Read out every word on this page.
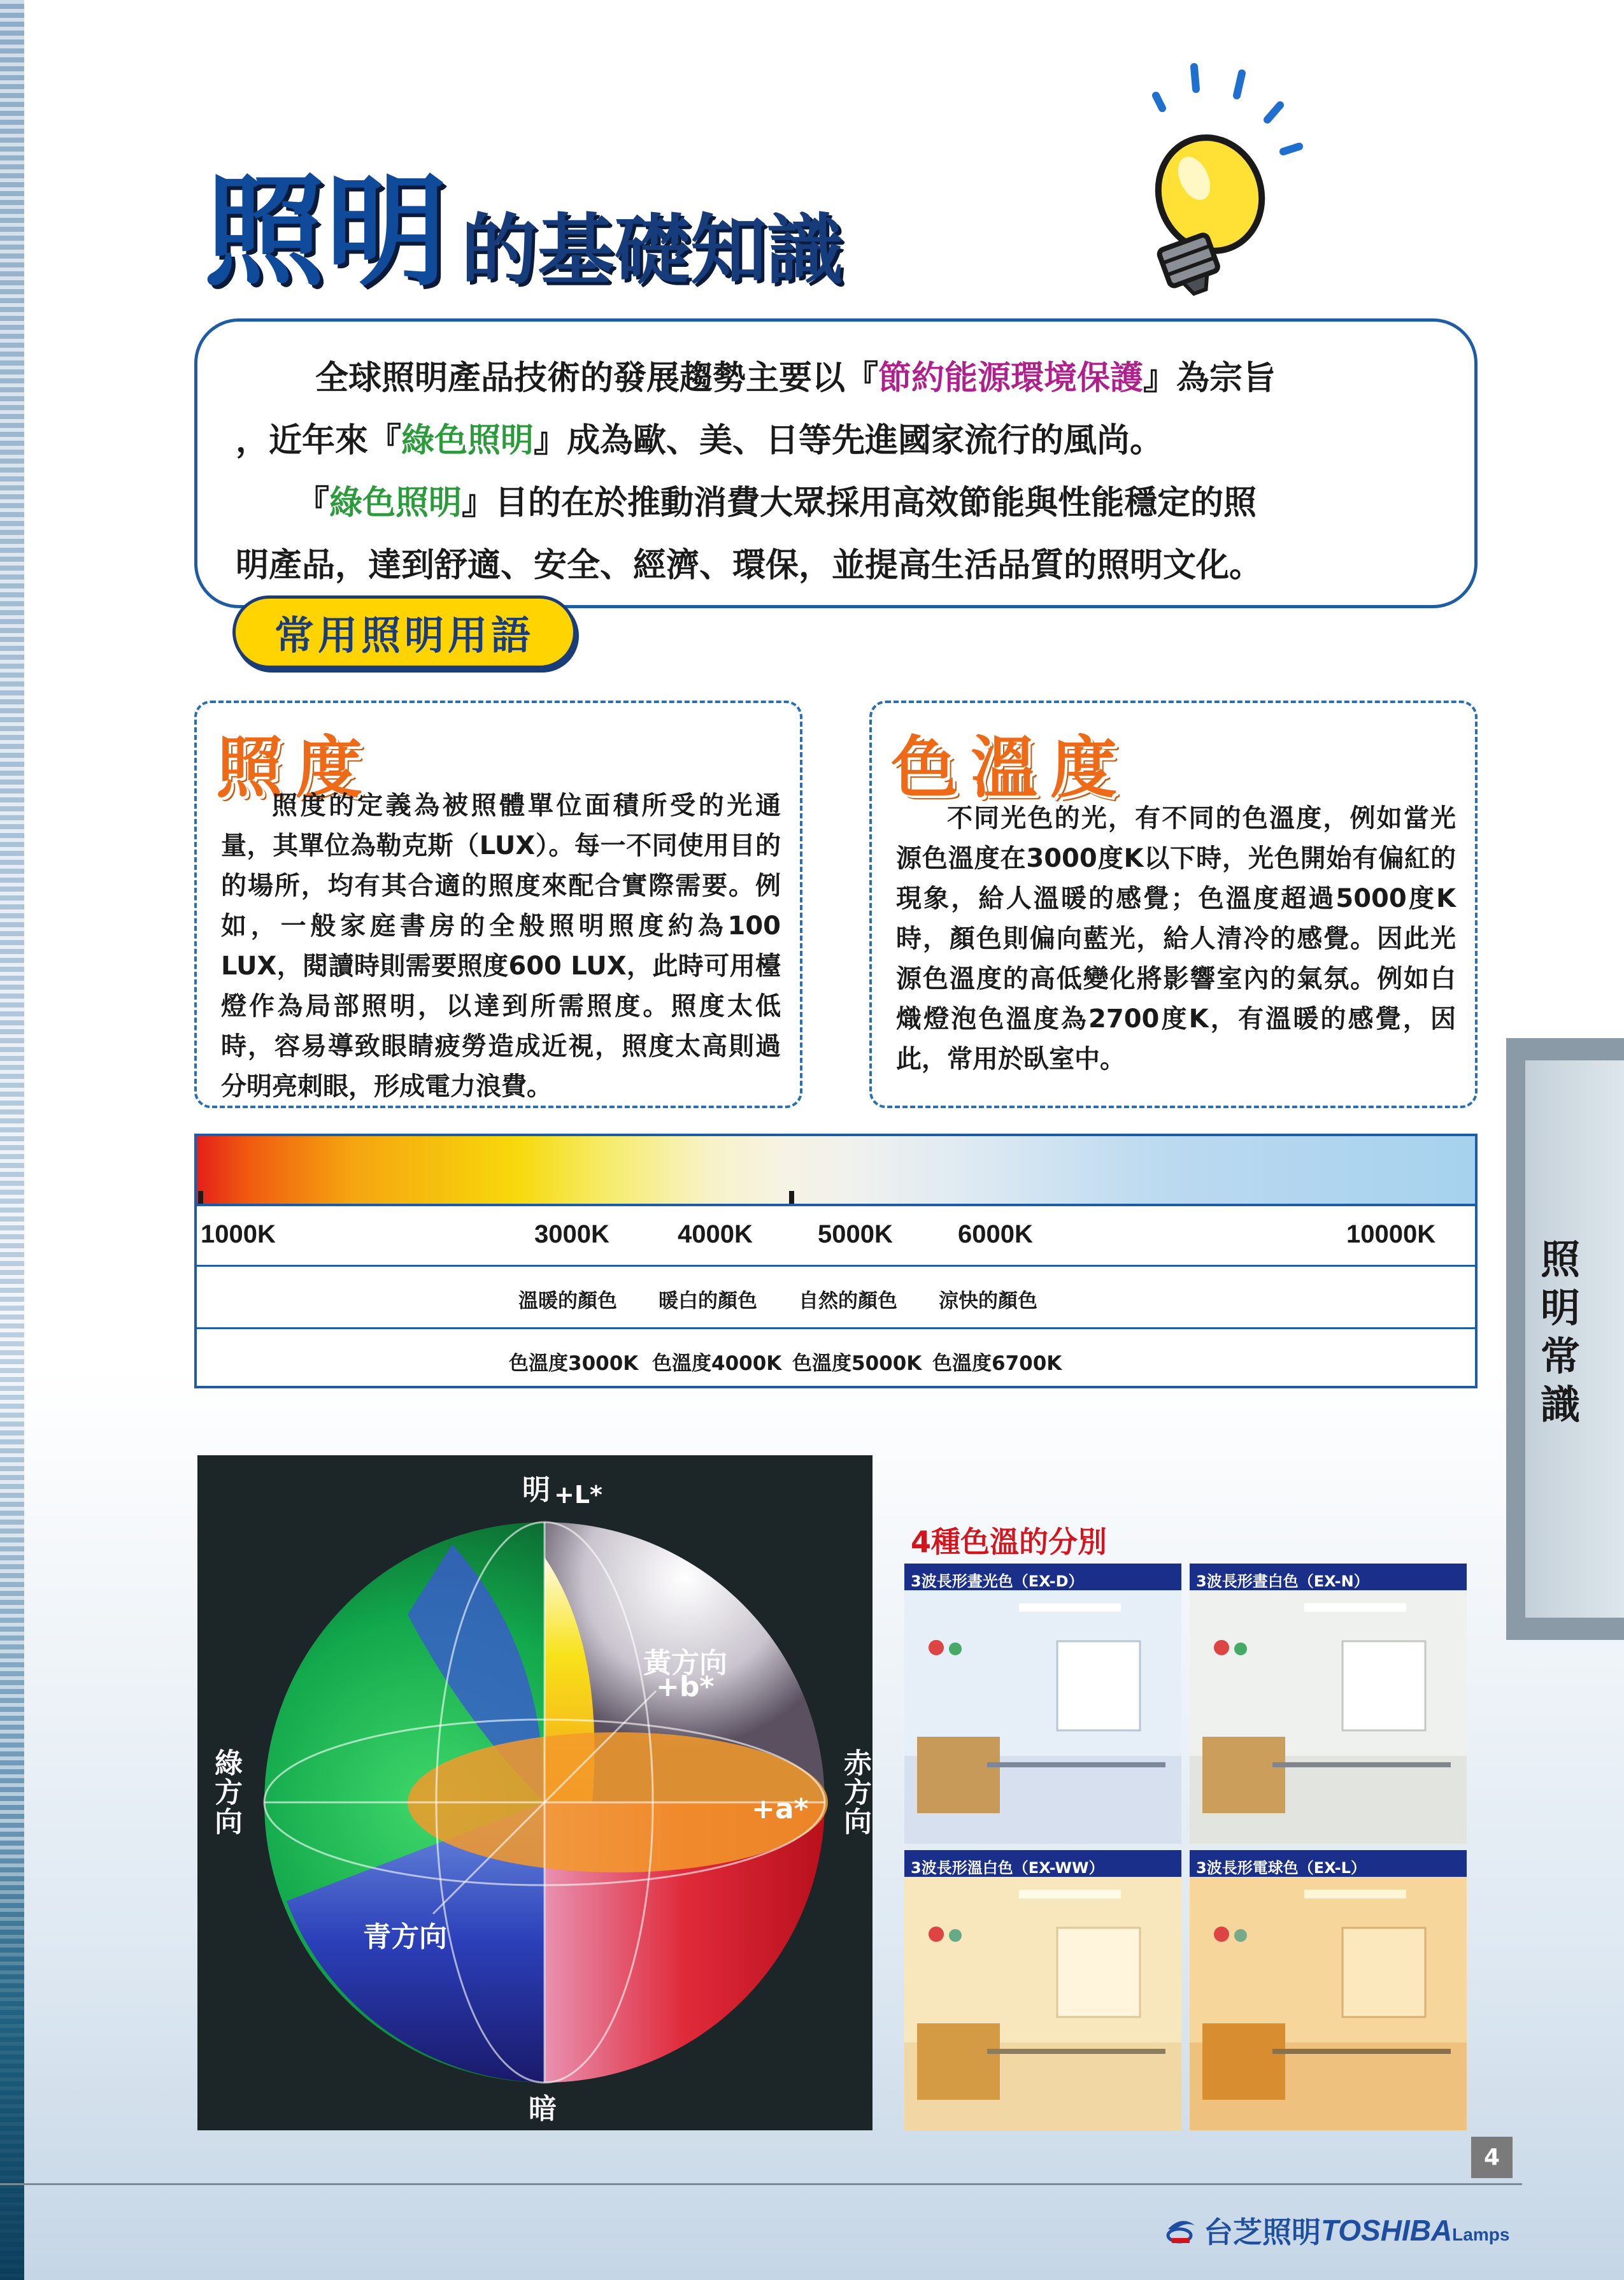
照明 的基礎知識

全球照明產品技術的發展趨勢主要以『節約能源環境保護』為宗旨

，近年來『綠色照明』成為歐、美、日等先進國家流行的風尚。

『綠色照明』目的在於推動消費大眾採用高效節能與性能穩定的照

明產品，達到舒適、安全、經濟、環保，並提高生活品質的照明文化。

常用照明用語
照度

照度的定義為被照體單位面積所受的光通量，其單位為勒克斯（LUX）。每一不同使用目的的場所，均有其合適的照度來配合實際需要。例如，一般家庭書房的全般照明照度約為100 LUX，閱讀時則需要照度600 LUX，此時可用檯燈作為局部照明，以達到所需照度。照度太低時，容易導致眼睛疲勞造成近視，照度太高則過分明亮刺眼，形成電力浪費。

色溫度

不同光色的光，有不同的色溫度，例如當光源色溫度在3000度K以下時，光色開始有偏紅的現象，給人溫暖的感覺；色溫度超過5000度K時，顏色則偏向藍光，給人清冷的感覺。因此光源色溫度的高低變化將影響室內的氣氛。例如白熾燈泡色溫度為2700度K，有溫暖的感覺，因此，常用於臥室中。

1000K	3000K	4000K	5000K	6000K	10000K
溫暖的顏色 暖白的顏色 自然的顏色 涼快的顏色
色溫度3000K 色溫度4000K 色溫度5000K 色溫度6700K
明 +L*
黃方向
+b*
綠方向	赤方向
+a*
青方向
暗
4種色溫的分別
3波長形晝光色（EX-D）	3波長形晝白色（EX-N）
3波長形溫白色（EX-WW）	3波長形電球色（EX-L）
照明常識
4
台芝照明 TOSHIBA Lamps
